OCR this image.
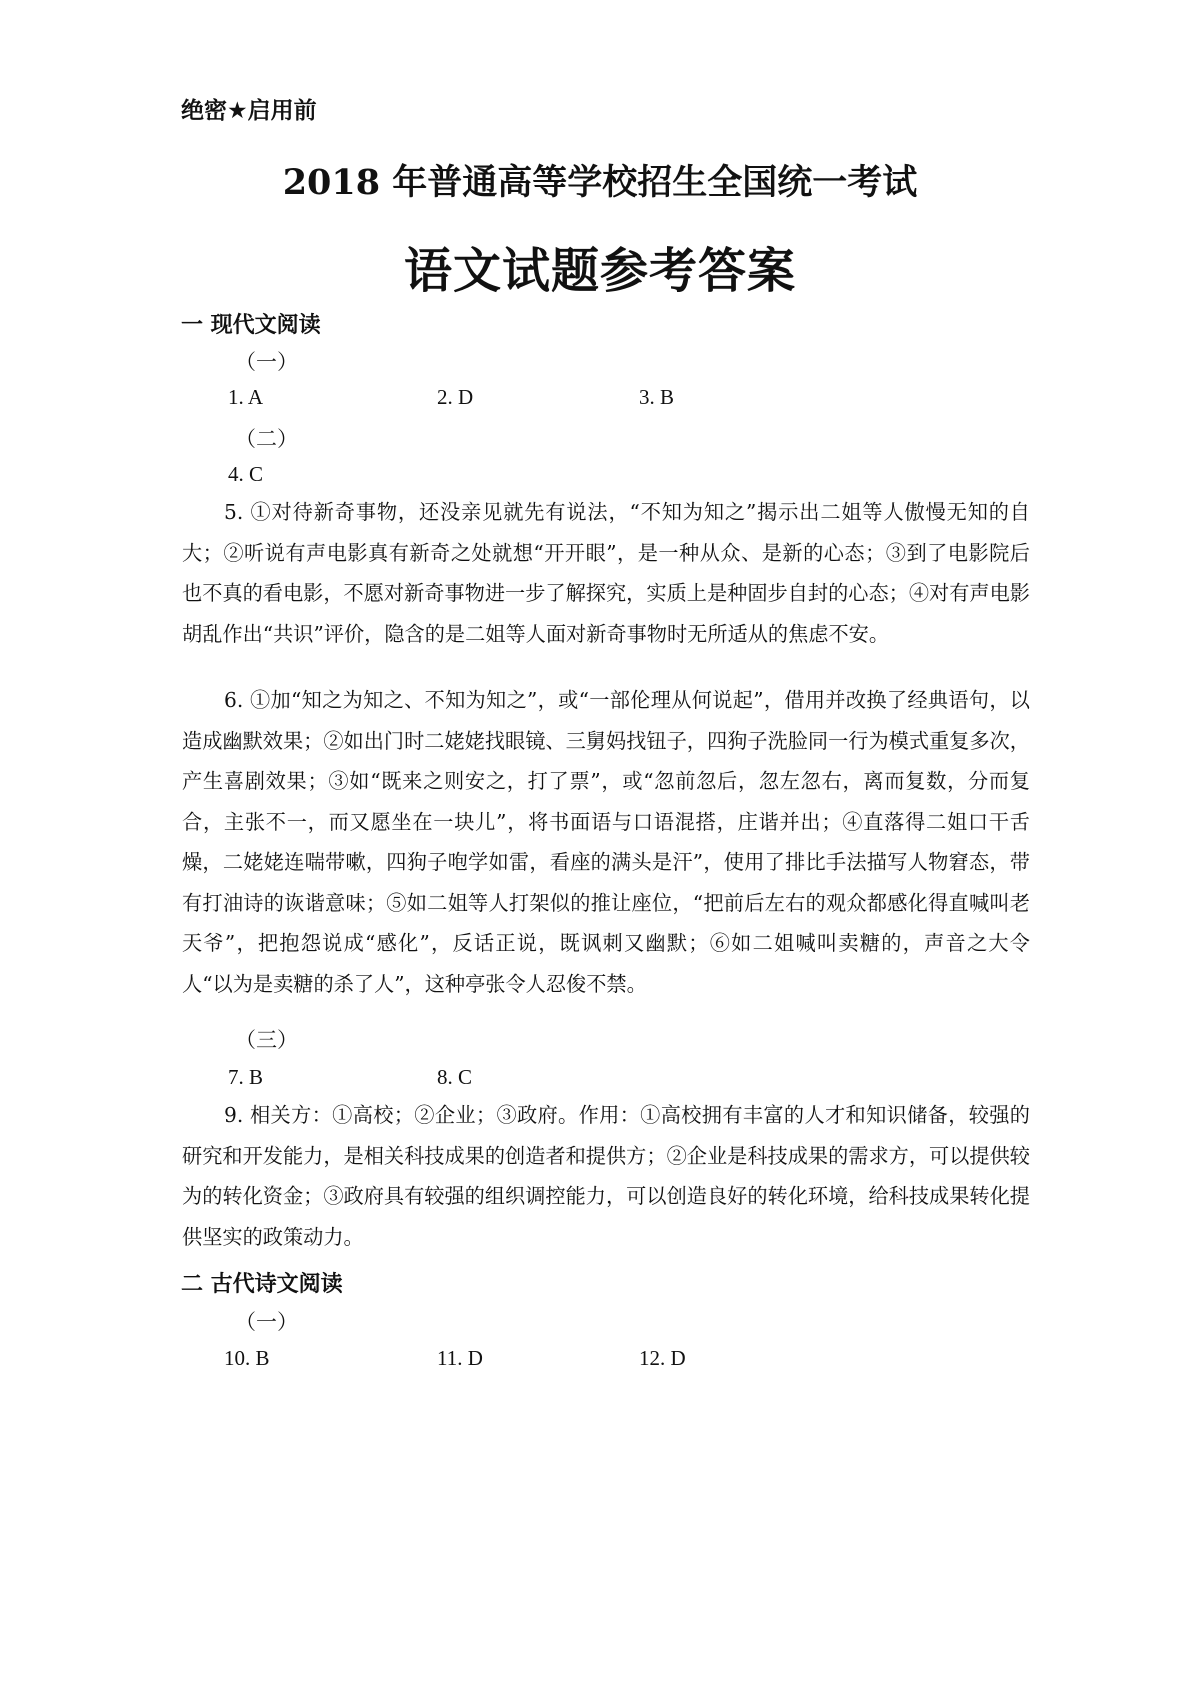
绝密★启用前
2018 年普通高等学校招生全国统一考试
语文试题参考答案
一 现代文阅读
（一）
1. A	2. D	3. B
（二）
4. C

5. ①对待新奇事物，还没亲见就先有说法，“不知为知之”揭示出二姐等人傲慢无知的自大；②听说有声电影真有新奇之处就想“开开眼”，是一种从众、是新的心态；③到了电影院后也不真的看电影，不愿对新奇事物进一步了解探究，实质上是种固步自封的心态；④对有声电影胡乱作出“共识”评价，隐含的是二姐等人面对新奇事物时无所适从的焦虑不安。

6. ①加“知之为知之、不知为知之”，或“一部伦理从何说起”，借用并改换了经典语句，以造成幽默效果；②如出门时二姥姥找眼镜、三舅妈找钮子，四狗子洗脸同一行为模式重复多次，产生喜剧效果；③如“既来之则安之，打了票”，或“忽前忽后，忽左忽右，离而复数，分而复合，主张不一，而又愿坐在一块儿”，将书面语与口语混搭，庄谐并出；④直落得二姐口干舌燥，二姥姥连喘带嗽，四狗子咆学如雷，看座的满头是汗”，使用了排比手法描写人物窘态，带有打油诗的诙谐意味；⑤如二姐等人打架似的推让座位，“把前后左右的观众都感化得直喊叫老天爷”，把抱怨说成“感化”，反话正说，既讽刺又幽默；⑥如二姐喊叫卖糖的，声音之大令人“以为是卖糖的杀了人”，这种亭张令人忍俊不禁。

（三）
7. B	8. C

9. 相关方：①高校；②企业；③政府。作用：①高校拥有丰富的人才和知识储备，较强的研究和开发能力，是相关科技成果的创造者和提供方；②企业是科技成果的需求方，可以提供较为的转化资金；③政府具有较强的组织调控能力，可以创造良好的转化环境，给科技成果转化提供坚实的政策动力。

二 古代诗文阅读
（一）
10. B	11. D	12. D
